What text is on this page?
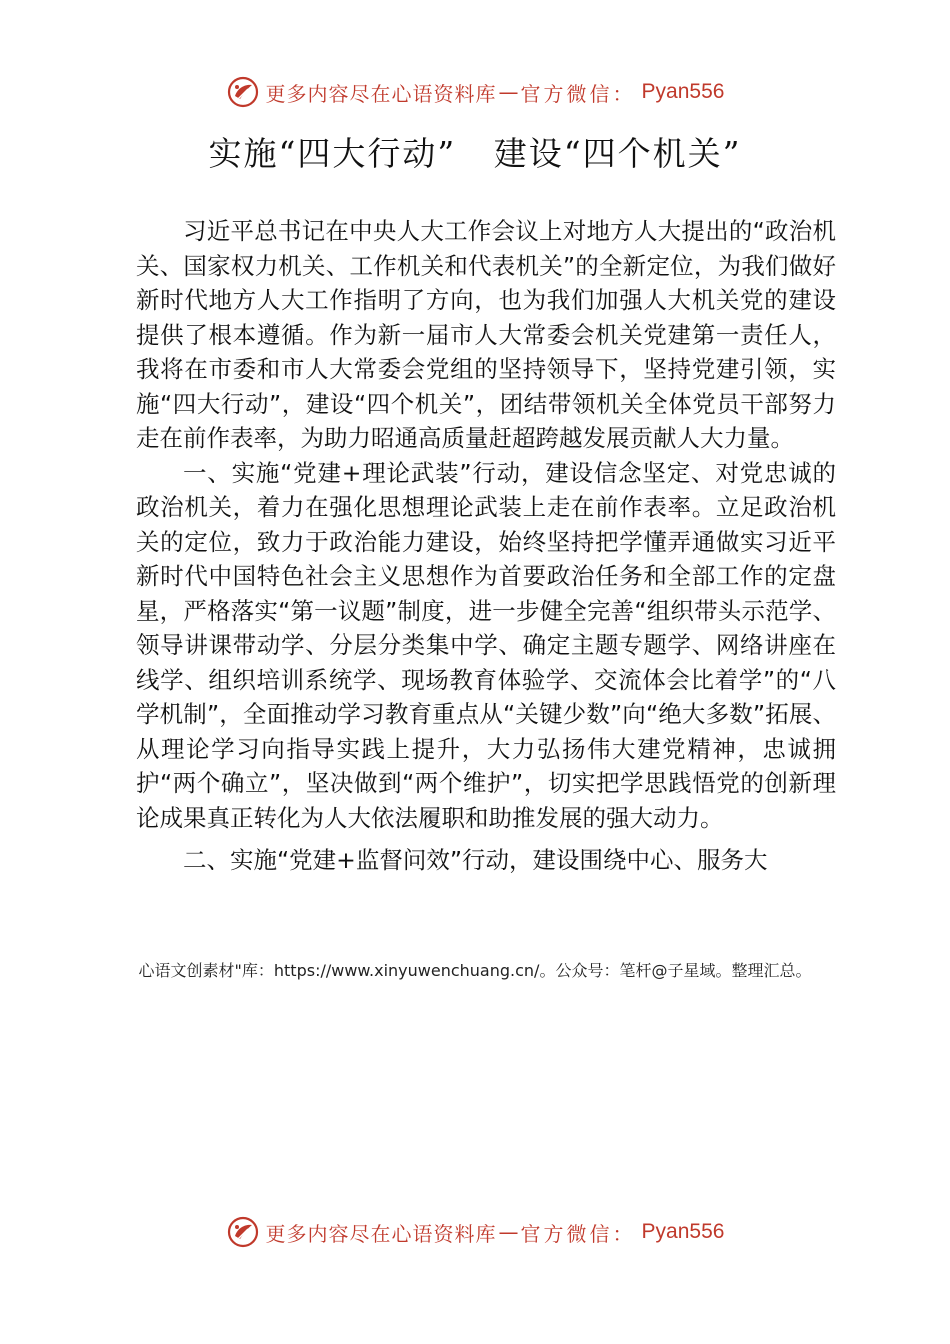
更多内容尽在心语资料库 — 官方微信： Pyan556
实施“四大行动”   建设“四个机关”

习近平总书记在中央人大工作会议上对地方人大提出的“政治机关、国家权力机关、工作机关和代表机关”的全新定位，为我们做好新时代地方人大工作指明了方向，也为我们加强人大机关党的建设提供了根本遵循。作为新一届市人大常委会机关党建第一责任人，我将在市委和市人大常委会党组的坚持领导下，坚持党建引领，实施“四大行动”，建设“四个机关”，团结带领机关全体党员干部努力走在前作表率，为助力昭通高质量赶超跨越发展贡献人大力量。

一、实施“党建+理论武装”行动，建设信念坚定、对党忠诚的政治机关，着力在强化思想理论武装上走在前作表率。立足政治机关的定位，致力于政治能力建设，始终坚持把学懂弄通做实习近平新时代中国特色社会主义思想作为首要政治任务和全部工作的定盘星，严格落实“第一议题”制度，进一步健全完善“组织带头示范学、领导讲课带动学、分层分类集中学、确定主题专题学、网络讲座在线学、组织培训系统学、现场教育体验学、交流体会比着学”的“八学机制”，全面推动学习教育重点从“关键少数”向“绝大多数”拓展、从理论学习向指导实践上提升，大力弘扬伟大建党精神，忠诚拥护“两个确立”，坚决做到“两个维护”，切实把学思践悟党的创新理论成果真正转化为人大依法履职和助推发展的强大动力。

二、实施“党建+监督问效”行动，建设围绕中心、服务大

心语文创素材"库：https://www.xinyuwenchuang.cn/。公众号：笔杆@子星域。整理汇总。
更多内容尽在心语资料库 — 官方微信： Pyan556
